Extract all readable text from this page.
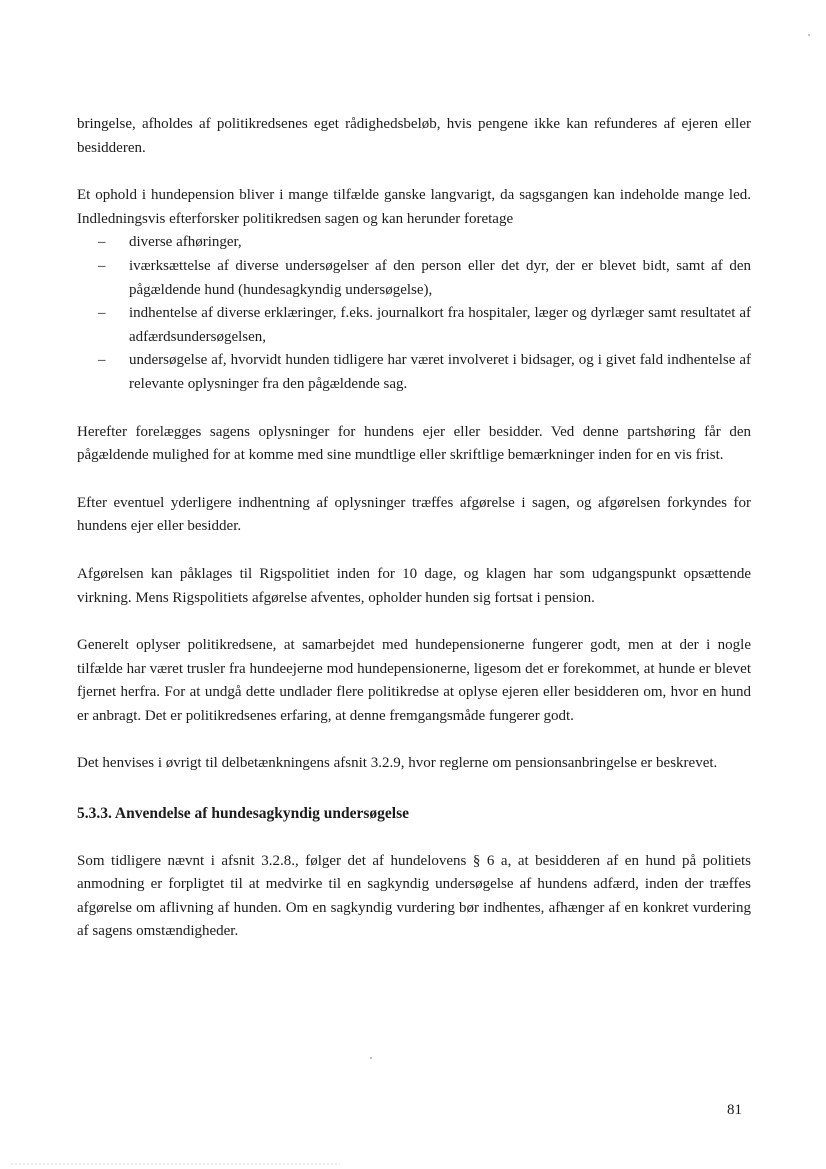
bringelse, afholdes af politikredsenes eget rådighedsbeløb, hvis pengene ikke kan refunderes af ejeren eller besidderen.

Et ophold i hundepension bliver i mange tilfælde ganske langvarigt, da sagsgangen kan indeholde mange led. Indledningsvis efterforsker politikredsen sagen og kan herunder foretage

– diverse afhøringer,
– iværksættelse af diverse undersøgelser af den person eller det dyr, der er blevet bidt, samt af den pågældende hund (hundesagkyndig undersøgelse),
– indhentelse af diverse erklæringer, f.eks. journalkort fra hospitaler, læger og dyrlæger samt resultatet af adfærdsundersøgelsen,
– undersøgelse af, hvorvidt hunden tidligere har været involveret i bidsager, og i givet fald indhentelse af relevante oplysninger fra den pågældende sag.

Herefter forelægges sagens oplysninger for hundens ejer eller besidder. Ved denne partshøring får den pågældende mulighed for at komme med sine mundtlige eller skriftlige bemærkninger inden for en vis frist.

Efter eventuel yderligere indhentning af oplysninger træffes afgørelse i sagen, og afgørelsen forkyndes for hundens ejer eller besidder.

Afgørelsen kan påklages til Rigspolitiet inden for 10 dage, og klagen har som udgangspunkt opsættende virkning. Mens Rigspolitiets afgørelse afventes, opholder hunden sig fortsat i pension.

Generelt oplyser politikredsene, at samarbejdet med hundepensionerne fungerer godt, men at der i nogle tilfælde har været trusler fra hundeejerne mod hundepensionerne, ligesom det er forekommet, at hunde er blevet fjernet herfra. For at undgå dette undlader flere politikredse at oplyse ejeren eller besidderen om, hvor en hund er anbragt. Det er politikredsenes erfaring, at denne fremgangsmåde fungerer godt.

Det henvises i øvrigt til delbetænkningens afsnit 3.2.9, hvor reglerne om pensionsanbringelse er beskrevet.

5.3.3. Anvendelse af hundesagkyndig undersøgelse

Som tidligere nævnt i afsnit 3.2.8., følger det af hundelovens § 6 a, at besidderen af en hund på politiets anmodning er forpligtet til at medvirke til en sagkyndig undersøgelse af hundens adfærd, inden der træffes afgørelse om aflivning af hunden. Om en sagkyndig vurdering bør indhentes, afhænger af en konkret vurdering af sagens omstændigheder.

81
